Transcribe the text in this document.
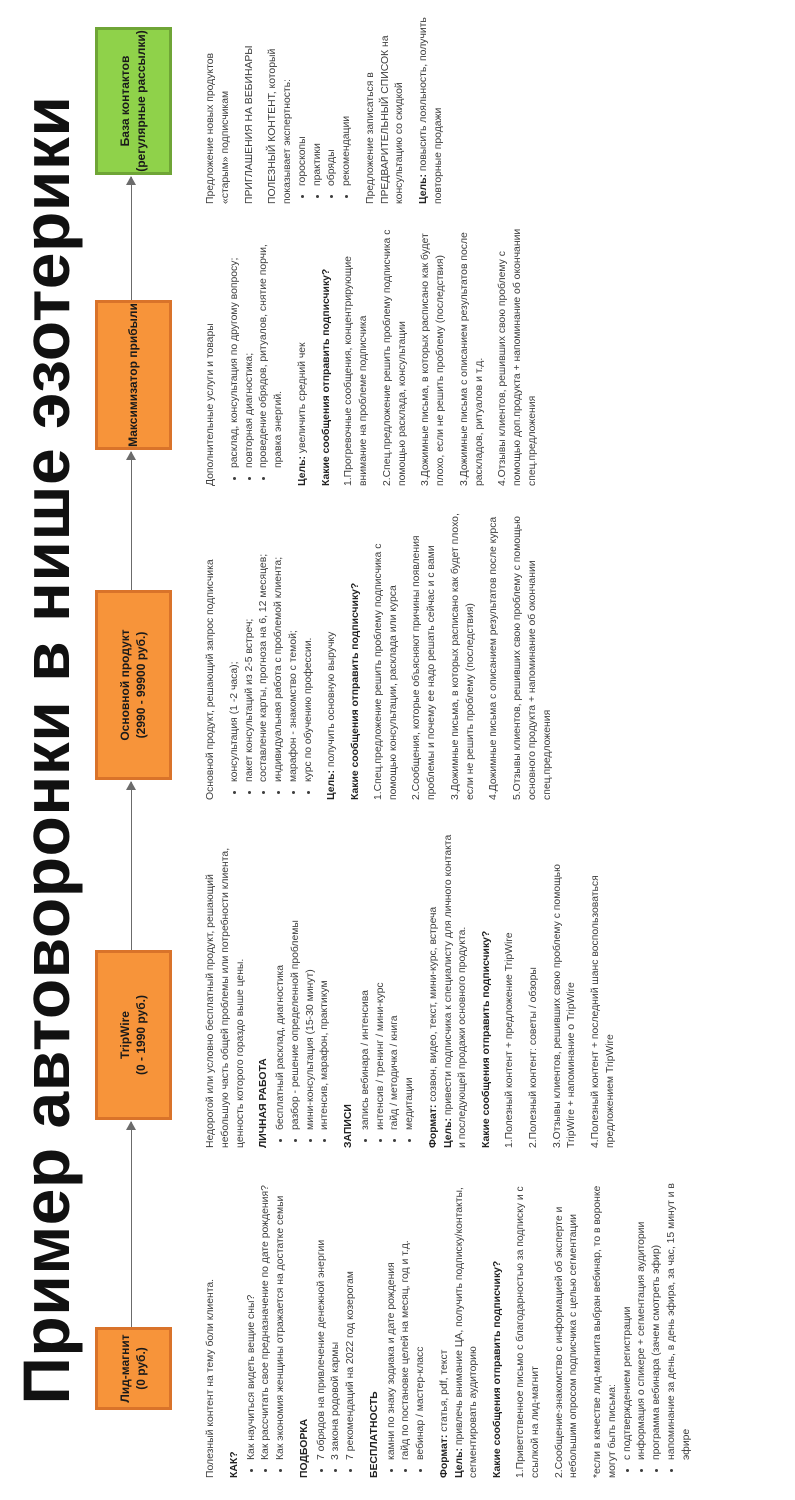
Пример автоворонки в нише эзотерики	Лид-магнит (0 руб.)
TripWire (0 - 1990 руб.)
Основной продукт (2990 - 99900 руб.)
Максимизатор прибыли
База контактов (регулярные рассылки)

Полезный контент на тему боли клиента. КАК?
• Как научиться видеть вещие сны? • Как рассчитать свое предназначение по дате рождения? • Как экономия женщины отражается на достатке семьи ПОДБОРКА • 7 обрядов на привлечение денежной энергии • 3 закона родовой кармы • 7 рекомендаций на 2022 год козерогам БЕСПЛАТНОСТЬ • камни по знаку зодиака и дате рождения • гайд по постановке целей на месяц, год и т.д. • вебинар / мастер-класс Формат: статья, pdf, текст

Цель: привлечь внимание ЦА, получить подписку/контакты, сегментировать аудиторию Какие сообщения отправить подписчику? 1.Приветственное письмо с благодарностью за подписку и с ссылкой на лид-магнит 2.Сообщение-знакомство с информацией об эксперте и небольшим опросом подписчика с целью сегментации *если в качестве лид-магнита выбран вебинар, то в воронке могут быть письма: • с подтверждением регистрации • информация о спикере + сегментация аудитории • программа вебинара (зачем смотреть эфир) • напоминание за день, в день эфира, за час, 15 минут и в эфире

Недорогой или условно бесплатный продукт, решающий небольшую часть общей проблемы или потребности клиента, ценность которого гораздо выше цены. ЛИЧНАЯ РАБОТА • бесплатный расклад, диагностика • разбор - решение определенной проблемы • мини-консультация (15-30 минут) • интенсив, марафон, практикум ЗАПИСИ • запись вебинара / интенсива • интенсив / тренинг / мини-курс • гайд / методичка / книга • медитации Формат: созвон, видео, текст, мини-курс, встреча

Цель: привести подписчика к специалисту для личного контакта и последующей продажи основного продукта. Какие сообщения отправить подписчику? 1.Полезный контент + предложение TripWire 2.Полезный контент: советы / обзоры 3.Отзывы клиентов, решивших свою проблему с помощью TripWire + напоминание о TripWire 4.Полезный контент + последний шанс воспользоваться предложением TripWire

Основной продукт, решающий запрос подписчика • консультация (1 -2 часа); • пакет консультаций из 2-5 встреч; • составление карты, прогноза на 6, 12 месяцев; • индивидуальная работа с проблемой клиента; • марафон - знакомство с темой; • курс по обучению профессии.

Цель: получить основную выручку Какие сообщения отправить подписчику? 1.Спец.предложение решить проблему подписчика с помощью консультации, расклада или курса 2.Сообщения, которые объясняют причины появления проблемы и почему ее надо решать сейчас и с вами 3.Дожимные письма, в которых расписано как будет плохо, если не решить проблему (последствия) 4.Дожимные письма с описанием результатов после курса 5.Отзывы клиентов, решивших свою проблему с помощью основного продукта + напоминание об окончании спец.предложения

Дополнительные услуги и товары • расклад, консультация по другому вопросу; • повторная диагностика; • проведение обрядов, ритуалов, снятие порчи, правка энергий.

Цель: увеличить средний чек Какие сообщения отправить подписчику? 1.Прогревочные сообщения, концентрирующие внимание на проблеме подписчика 2.Спец.предложение решить проблему подписчика с помощью расклада, консультации 3.Дожимные письма, в которых расписано как будет плохо, если не решить проблему (последствия) 3.Дожимные письма с описанием результатов после раскладов, ритуалов и т.д. 4.Отзывы клиентов, решивших свою проблему с помощью доп.продукта + напоминание об окончании спец.предложения

Предложение новых продуктов «старым» подписчикам ПРИГЛАШЕНИЯ НА ВЕБИНАРЫ ПОЛЕЗНЫЙ КОНТЕНТ, который показывает экспертность: • гороскопы • практики • обряды • рекомендации Предложение записаться в ПРЕДВАРИТЕЛЬНЫЙ СПИСОК на консультацию со скидкой Цель: повысить лояльность, получить повторные продажи
